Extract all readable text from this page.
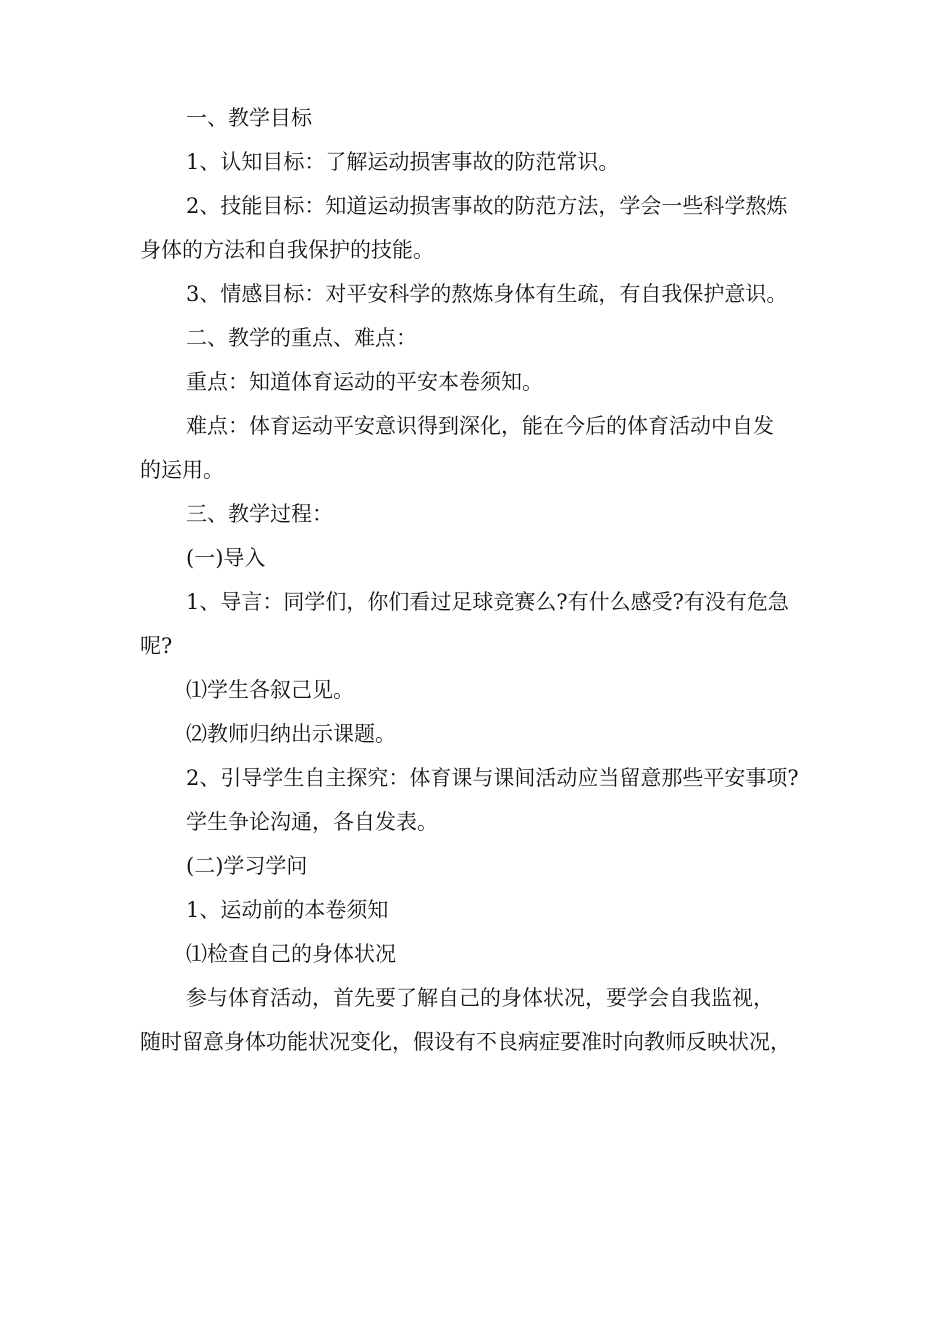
一、教学目标
1、认知目标：了解运动损害事故的防范常识。
2、技能目标：知道运动损害事故的防范方法，学会一些科学熬炼
身体的方法和自我保护的技能。
3、情感目标：对平安科学的熬炼身体有生疏，有自我保护意识。
二、教学的重点、难点：
重点：知道体育运动的平安本卷须知。
难点：体育运动平安意识得到深化，能在今后的体育活动中自发
的运用。
三、教学过程：
(一)导入
1、导言：同学们，你们看过足球竞赛么?有什么感受?有没有危急
呢?
⑴学生各叙己见。
⑵教师归纳出示课题。
2、引导学生自主探究：体育课与课间活动应当留意那些平安事项?
学生争论沟通，各自发表。
(二)学习学问
1、运动前的本卷须知
⑴检查自己的身体状况
参与体育活动，首先要了解自己的身体状况，要学会自我监视，
随时留意身体功能状况变化，假设有不良病症要准时向教师反映状况，
